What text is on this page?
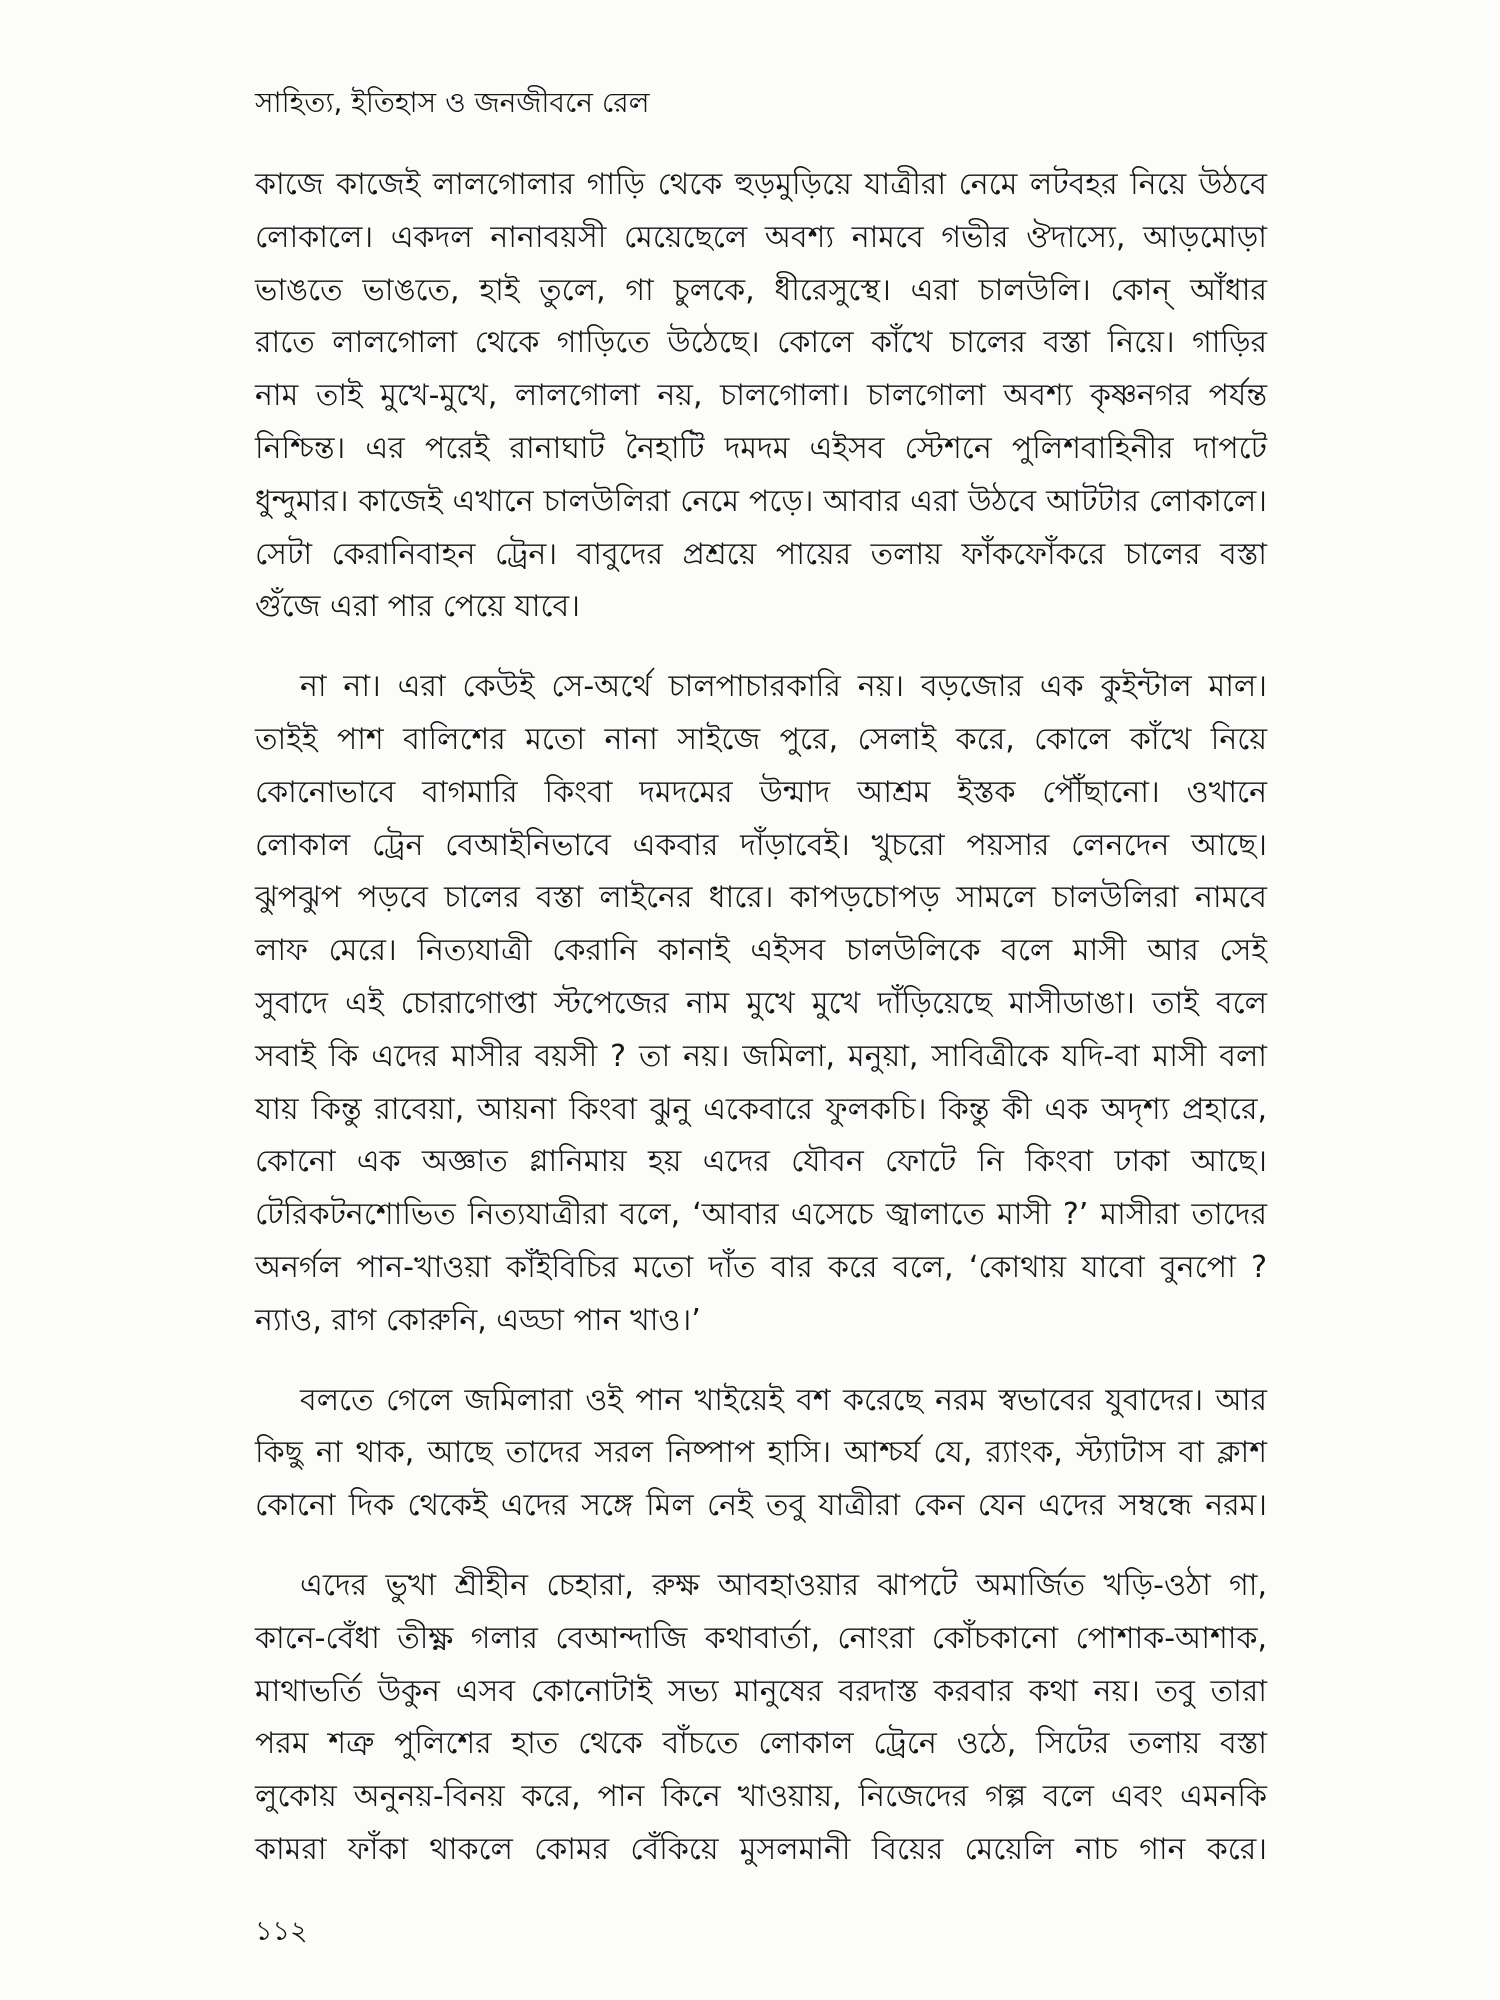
সাহিত্য, ইতিহাস ও জনজীবনে রেল
কাজে কাজেই লালগোলার গাড়ি থেকে হুড়মুড়িয়ে যাত্রীরা নেমে লটবহর নিয়ে উঠবে
লোকালে। একদল নানাবয়সী মেয়েছেলে অবশ্য নামবে গভীর ঔদাস্যে, আড়মোড়া
ভাঙতে ভাঙতে, হাই তুলে, গা চুলকে, ধীরেসুস্থে। এরা চালউলি। কোন্ আঁধার
রাতে লালগোলা থেকে গাড়িতে উঠেছে। কোলে কাঁখে চালের বস্তা নিয়ে। গাড়ির
নাম তাই মুখে-মুখে, লালগোলা নয়, চালগোলা। চালগোলা অবশ্য কৃষ্ণনগর পর্যন্ত
নিশ্চিন্ত। এর পরেই রানাঘাট নৈহাটি দমদম এইসব স্টেশনে পুলিশবাহিনীর দাপটে
ধুন্দুমার। কাজেই এখানে চালউলিরা নেমে পড়ে। আবার এরা উঠবে আটটার লোকালে।
সেটা কেরানিবাহন ট্রেন। বাবুদের প্রশ্রয়ে পায়ের তলায় ফাঁকফোঁকরে চালের বস্তা
গুঁজে এরা পার পেয়ে যাবে।
না না। এরা কেউই সে-অর্থে চালপাচারকারি নয়। বড়জোর এক কুইন্টাল মাল।
তাইই পাশ বালিশের মতো নানা সাইজে পুরে, সেলাই করে, কোলে কাঁখে নিয়ে
কোনোভাবে বাগমারি কিংবা দমদমের উন্মাদ আশ্রম ইস্তক পৌঁছানো। ওখানে
লোকাল ট্রেন বেআইনিভাবে একবার দাঁড়াবেই। খুচরো পয়সার লেনদেন আছে।
ঝুপঝুপ পড়বে চালের বস্তা লাইনের ধারে। কাপড়চোপড় সামলে চালউলিরা নামবে
লাফ মেরে। নিত্যযাত্রী কেরানি কানাই এইসব চালউলিকে বলে মাসী আর সেই
সুবাদে এই চোরাগোপ্তা স্টপেজের নাম মুখে মুখে দাঁড়িয়েছে মাসীডাঙা। তাই বলে
সবাই কি এদের মাসীর বয়সী ? তা নয়। জমিলা, মনুয়া, সাবিত্রীকে যদি-বা মাসী বলা
যায় কিন্তু রাবেয়া, আয়না কিংবা ঝুনু একেবারে ফুলকচি। কিন্তু কী এক অদৃশ্য প্রহারে,
কোনো এক অজ্ঞাত গ্লানিমায় হয় এদের যৌবন ফোটে নি কিংবা ঢাকা আছে।
টেরিকটনশোভিত নিত্যযাত্রীরা বলে, ‘আবার এসেচে জ্বালাতে মাসী ?’ মাসীরা তাদের
অনর্গল পান-খাওয়া কাঁইবিচির মতো দাঁত বার করে বলে, ‘কোথায় যাবো বুনপো ?
ন্যাও, রাগ কোরুনি, এড্ডা পান খাও।’
বলতে গেলে জমিলারা ওই পান খাইয়েই বশ করেছে নরম স্বভাবের যুবাদের। আর
কিছু না থাক, আছে তাদের সরল নিষ্পাপ হাসি। আশ্চর্য যে, র‍্যাংক, স্ট্যাটাস বা ক্লাশ
কোনো দিক থেকেই এদের সঙ্গে মিল নেই তবু যাত্রীরা কেন যেন এদের সম্বন্ধে নরম।
এদের ভুখা শ্রীহীন চেহারা, রুক্ষ আবহাওয়ার ঝাপটে অমার্জিত খড়ি-ওঠা গা,
কানে-বেঁধা তীক্ষ্ণ গলার বেআন্দাজি কথাবার্তা, নোংরা কোঁচকানো পোশাক-আশাক,
মাথাভর্তি উকুন এসব কোনোটাই সভ্য মানুষের বরদাস্ত করবার কথা নয়। তবু তারা
পরম শত্রু পুলিশের হাত থেকে বাঁচতে লোকাল ট্রেনে ওঠে, সিটের তলায় বস্তা
লুকোয় অনুনয়-বিনয় করে, পান কিনে খাওয়ায়, নিজেদের গল্প বলে এবং এমনকি
কামরা ফাঁকা থাকলে কোমর বেঁকিয়ে মুসলমানী বিয়ের মেয়েলি নাচ গান করে।
১১২
